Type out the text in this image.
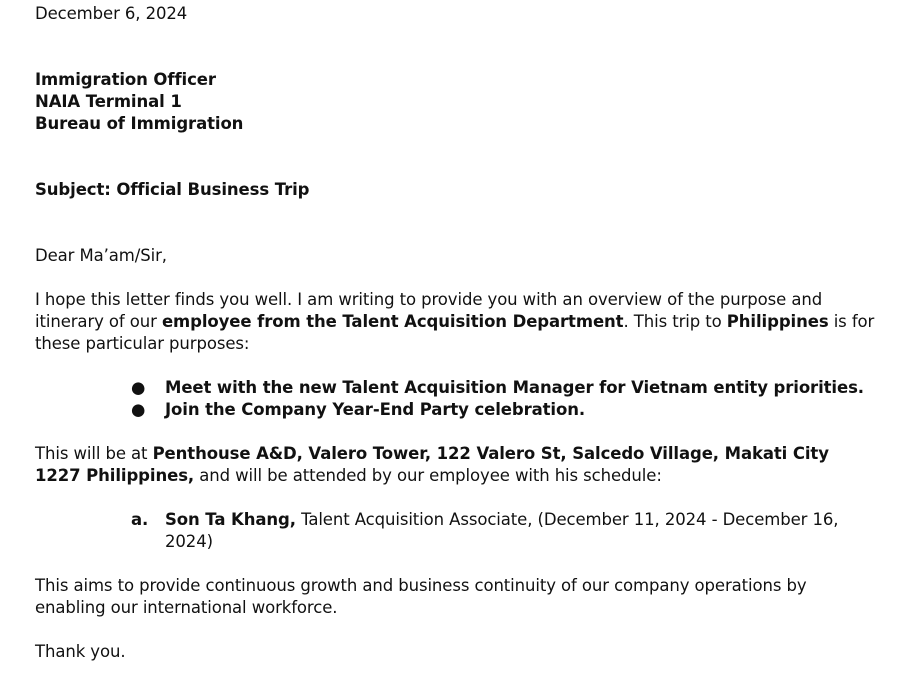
December 6, 2024

Immigration Officer
NAIA Terminal 1
Bureau of Immigration

Subject: Official Business Trip

Dear Ma’am/Sir,

I hope this letter finds you well. I am writing to provide you with an overview of the purpose and itinerary of our employee from the Talent Acquisition Department. This trip to Philippines is for these particular purposes:

● Meet with the new Talent Acquisition Manager for Vietnam entity priorities.
● Join the Company Year-End Party celebration.

This will be at Penthouse A&D, Valero Tower, 122 Valero St, Salcedo Village, Makati City 1227 Philippines, and will be attended by our employee with his schedule:

a. Son Ta Khang, Talent Acquisition Associate, (December 11, 2024 - December 16, 2024)

This aims to provide continuous growth and business continuity of our company operations by enabling our international workforce.

Thank you.
